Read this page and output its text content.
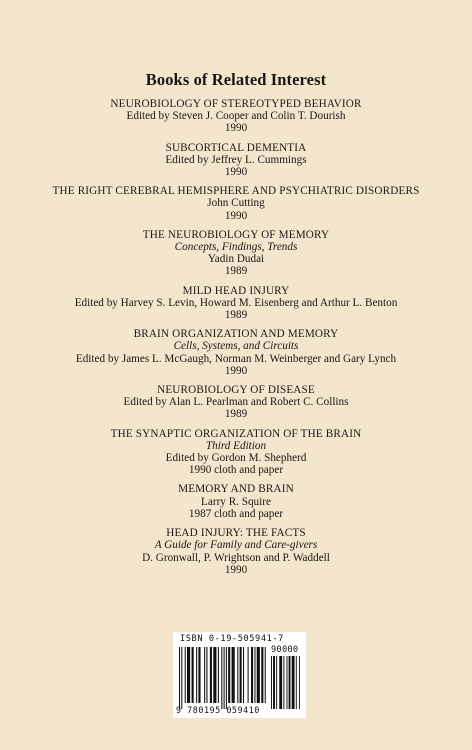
Books of Related Interest
NEUROBIOLOGY OF STEREOTYPED BEHAVIOR
Edited by Steven J. Cooper and Colin T. Dourish
1990
SUBCORTICAL DEMENTIA
Edited by Jeffrey L. Cummings
1990
THE RIGHT CEREBRAL HEMISPHERE AND PSYCHIATRIC DISORDERS
John Cutting
1990
THE NEUROBIOLOGY OF MEMORY
Concepts, Findings, Trends
Yadin Dudai
1989
MILD HEAD INJURY
Edited by Harvey S. Levin, Howard M. Eisenberg and Arthur L. Benton
1989
BRAIN ORGANIZATION AND MEMORY
Cells, Systems, and Circuits
Edited by James L. McGaugh, Norman M. Weinberger and Gary Lynch
1990
NEUROBIOLOGY OF DISEASE
Edited by Alan L. Pearlman and Robert C. Collins
1989
THE SYNAPTIC ORGANIZATION OF THE BRAIN
Third Edition
Edited by Gordon M. Shepherd
1990 cloth and paper
MEMORY AND BRAIN
Larry R. Squire
1987 cloth and paper
HEAD INJURY: THE FACTS
A Guide for Family and Care-givers
D. Gronwall, P. Wrightson and P. Waddell
1990
ISBN 0-19-505941-7
90000
9 780195 059410
